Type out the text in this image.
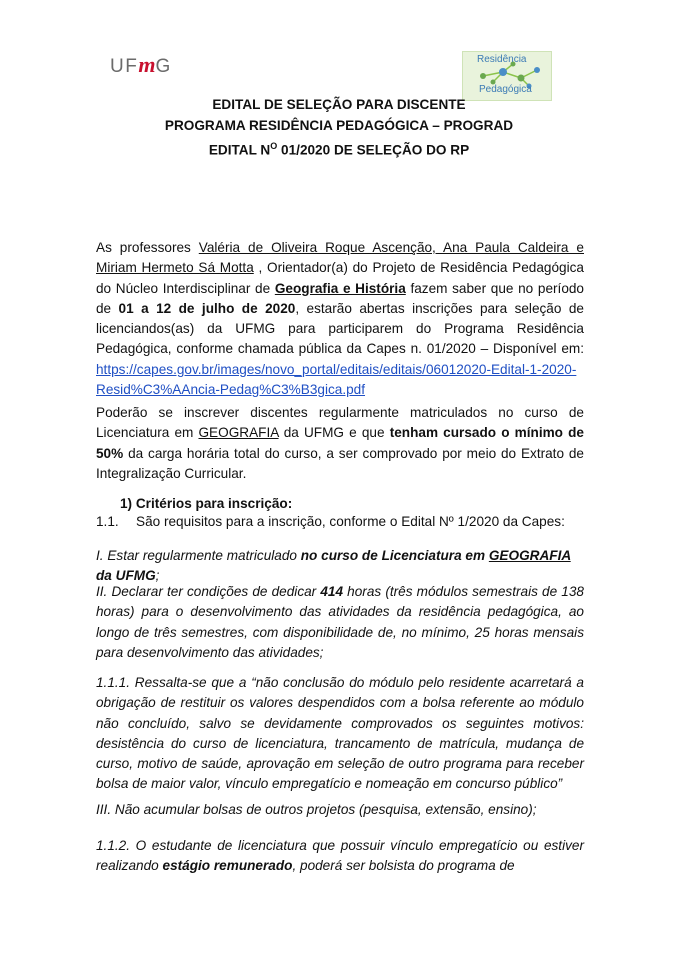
UF m G	Residência
Pedagógica
EDITAL DE SELEÇÃO PARA DISCENTE
PROGRAMA RESIDÊNCIA PEDAGÓGICA – PROGRAD
EDITAL $N^O$ 01/2020 DE SELEÇÃO DO RP
As professores Valéria de Oliveira Roque Ascenção, Ana Paula Caldeira e Miriam Hermeto Sá Motta , Orientador(a) do Projeto de Residência Pedagógica do Núcleo Interdisciplinar de Geografia e História fazem saber que no período de 01 a 12 de julho de 2020, estarão abertas inscrições para seleção de licenciandos(as) da UFMG para participarem do Programa Residência Pedagógica, conforme chamada pública da Capes n. 01/2020 – Disponível em: https://capes.gov.br/images/novo_portal/editais/editais/06012020-Edital-1-2020-Resid%C3%AAncia-Pedag%C3%B3gica.pdf
Poderão se inscrever discentes regularmente matriculados no curso de Licenciatura em GEOGRAFIA da UFMG e que tenham cursado o mínimo de 50% da carga horária total do curso, a ser comprovado por meio do Extrato de Integralização Curricular.
1) Critérios para inscrição:
1.1. São requisitos para a inscrição, conforme o Edital Nº 1/2020 da Capes:
I. Estar regularmente matriculado no curso de Licenciatura em GEOGRAFIA da UFMG;
II. Declarar ter condições de dedicar 414 horas (três módulos semestrais de 138 horas) para o desenvolvimento das atividades da residência pedagógica, ao longo de três semestres, com disponibilidade de, no mínimo, 25 horas mensais para desenvolvimento das atividades;
1.1.1. Ressalta-se que a “não conclusão do módulo pelo residente acarretará a obrigação de restituir os valores despendidos com a bolsa referente ao módulo não concluído, salvo se devidamente comprovados os seguintes motivos: desistência do curso de licenciatura, trancamento de matrícula, mudança de curso, motivo de saúde, aprovação em seleção de outro programa para receber bolsa de maior valor, vínculo empregatício e nomeação em concurso público”
III. Não acumular bolsas de outros projetos (pesquisa, extensão, ensino);
1.1.2. O estudante de licenciatura que possuir vínculo empregatício ou estiver realizando estágio remunerado, poderá ser bolsista do programa de
